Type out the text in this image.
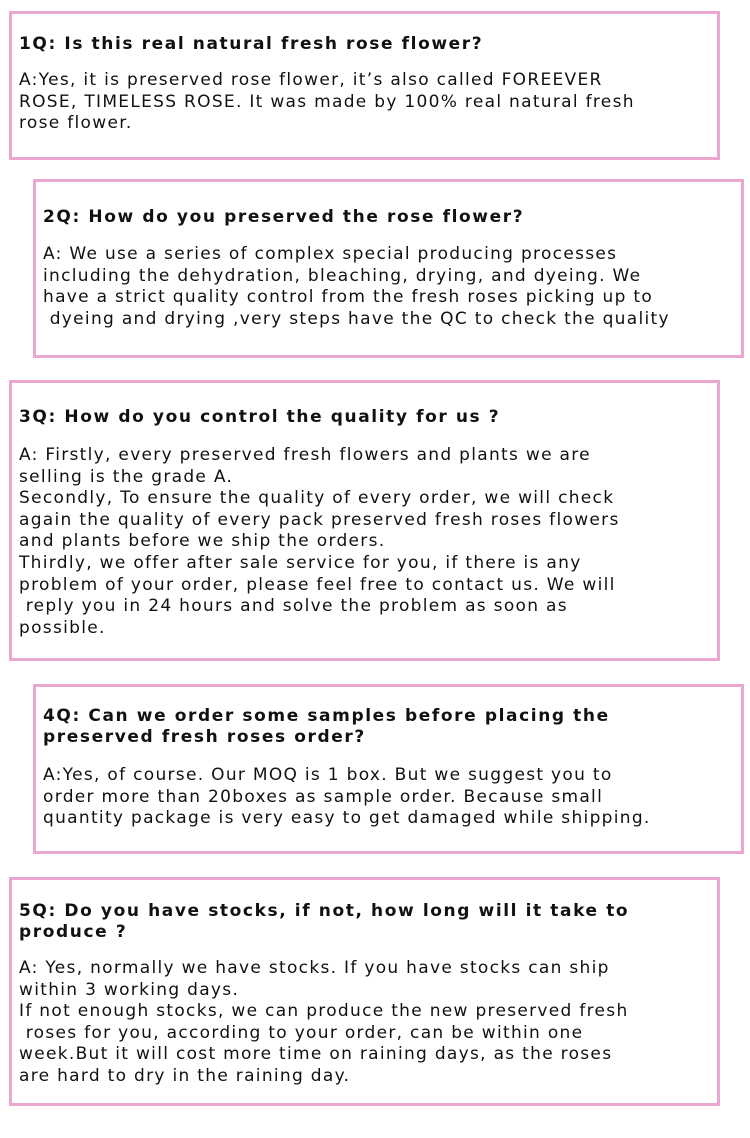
1Q: Is this real natural fresh rose flower?

A:Yes, it is preserved rose flower, it’s also called FOREEVER
ROSE, TIMELESS ROSE. It was made by 100% real natural fresh
rose flower.

2Q: How do you preserved the rose flower?

A: We use a series of complex special producing processes
including the dehydration, bleaching, drying, and dyeing. We
have a strict quality control from the fresh roses picking up to
dyeing and drying ,very steps have the QC to check the quality

3Q: How do you control the quality for us ?

A: Firstly, every preserved fresh flowers and plants we are
selling is the grade A.
Secondly, To ensure the quality of every order, we will check
again the quality of every pack preserved fresh roses flowers
and plants before we ship the orders.
Thirdly, we offer after sale service for you, if there is any
problem of your order, please feel free to contact us. We will
reply you in 24 hours and solve the problem as soon as
possible.

4Q: Can we order some samples before placing the
preserved fresh roses order?

A:Yes, of course. Our MOQ is 1 box. But we suggest you to
order more than 20boxes as sample order. Because small
quantity package is very easy to get damaged while shipping.

5Q: Do you have stocks, if not, how long will it take to
produce ?

A: Yes, normally we have stocks. If you have stocks can ship
within 3 working days.
If not enough stocks, we can produce the new preserved fresh
roses for you, according to your order, can be within one
week.But it will cost more time on raining days, as the roses
are hard to dry in the raining day.
